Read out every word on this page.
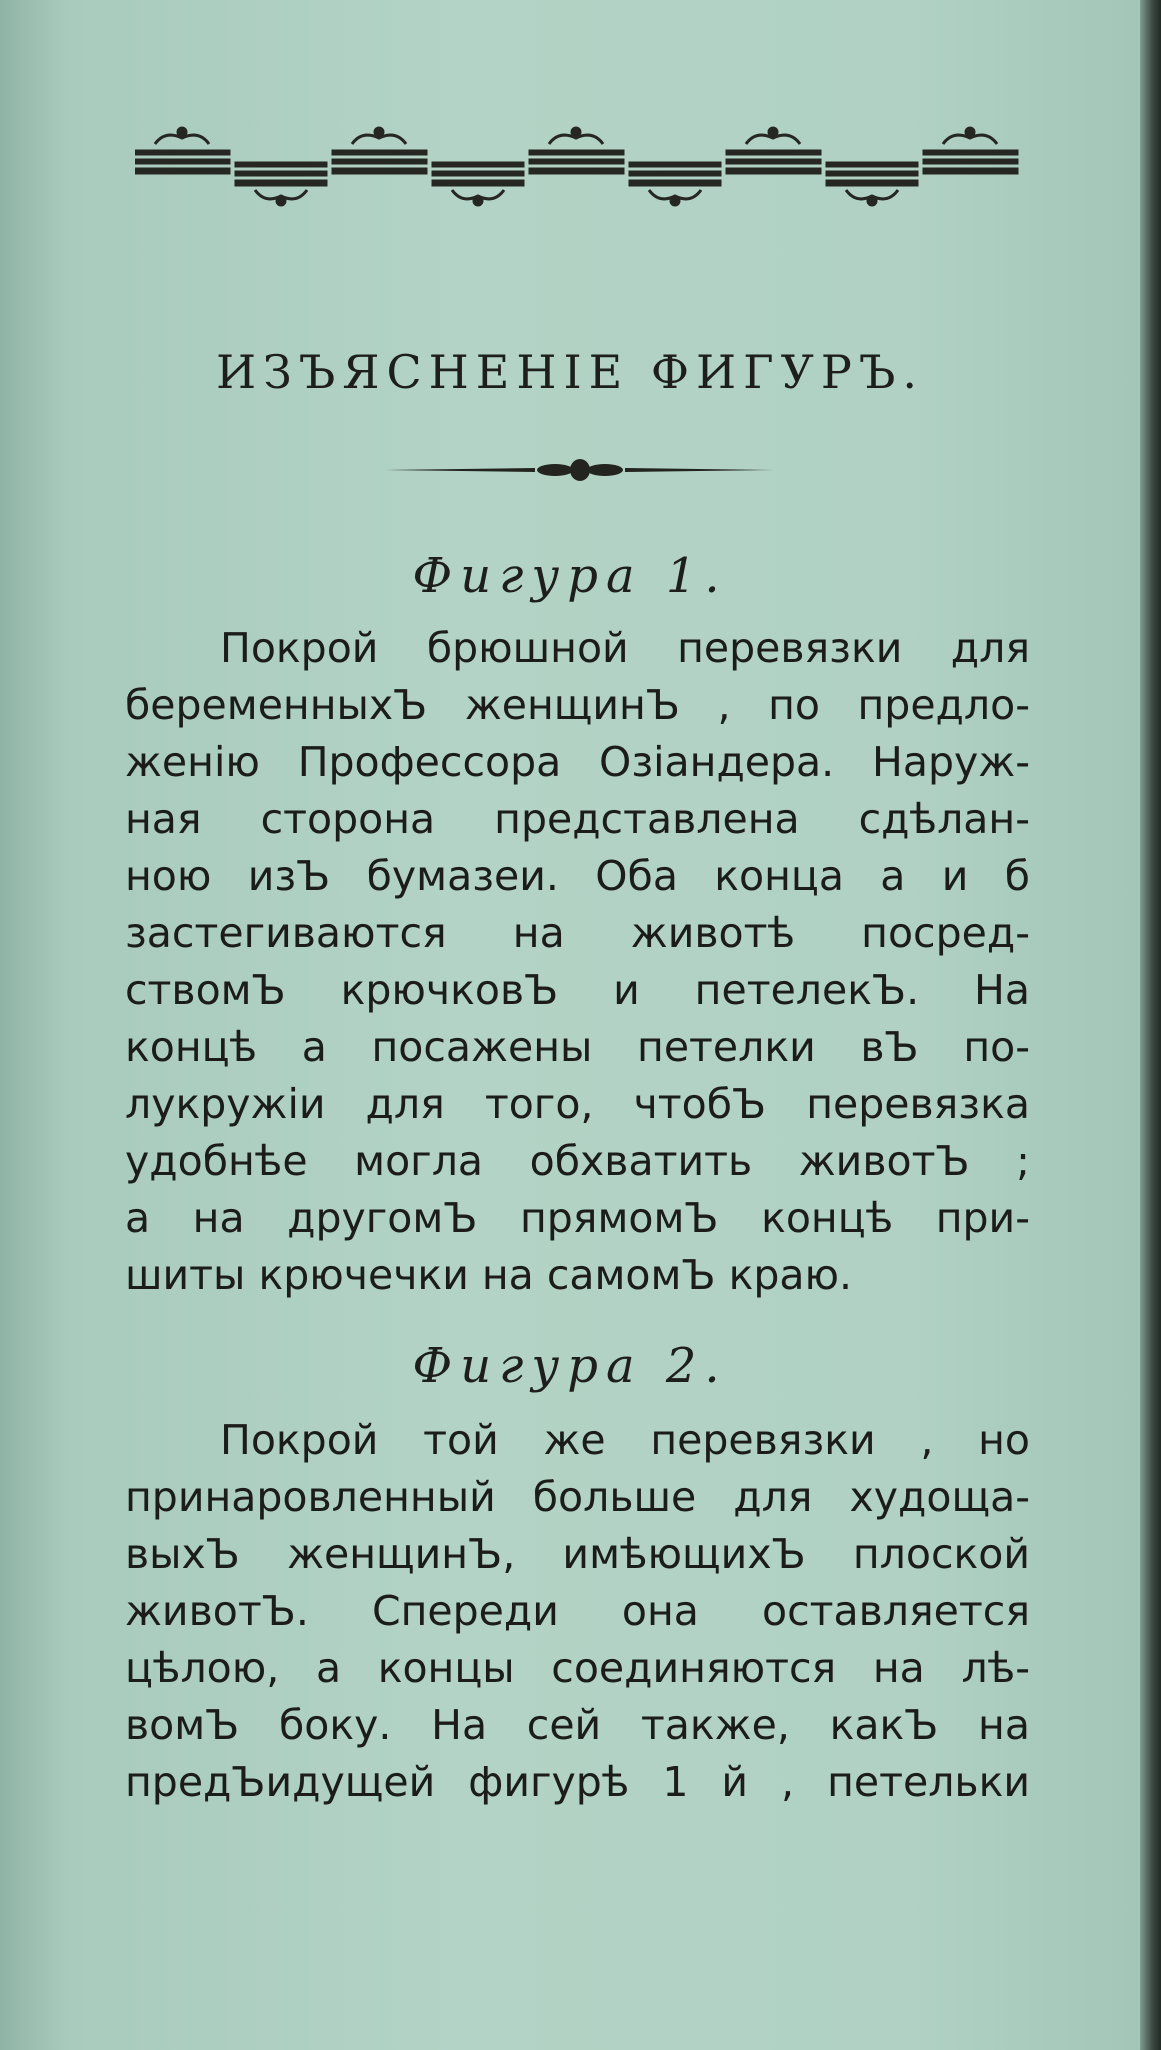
ИЗЪЯСНЕНІЕ ФИГУРЪ.
Фигура 1.
Покрой брюшной перевязки для
беременныхЪ женщинЪ , по предло-
женію Профессора Озіандера. Наруж-
ная сторона представлена сдѣлан-
ною изЪ бумазеи. Оба конца а и б
застегиваются на животѣ посред-
ствомЪ крючковЪ и петелекЪ. На
концѣ а посажены петелки вЪ по-
лукружіи для того, чтобЪ перевязка
удобнѣе могла обхватить животЪ ;
а на другомЪ прямомЪ концѣ при-
шиты крючечки на самомЪ краю.
Фигура 2.
Покрой той же перевязки , но
принаровленный больше для худоща-
выхЪ женщинЪ, имѣющихЪ плоской
животЪ. Спереди она оставляется
цѣлою, а концы соединяются на лѣ-
вомЪ боку. На сей также, какЪ на
предЪидущей фигурѣ 1 й , петельки
